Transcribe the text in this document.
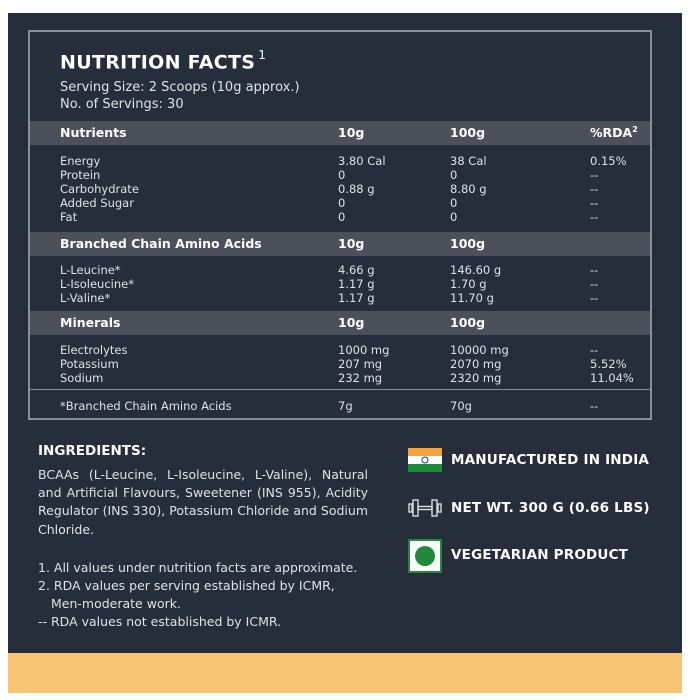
NUTRITION FACTS $^1$
Serving Size: 2 Scoops (10g approx.)
No. of Servings: 30
Nutrients	10g	100g	%RDA$^2$
Energy	3.80 Cal	38 Cal	0.15%
Protein	0	0	--
Carbohydrate	0.88 g	8.80 g	--
Added Sugar	0	0	--
Fat	0	0	--
Branched Chain Amino Acids	10g	100g
L-Leucine*	4.66 g	146.60 g	--
L-Isoleucine*	1.17 g	1.70 g	--
L-Valine*	1.17 g	11.70 g	--
Minerals	10g	100g
Electrolytes	1000 mg	10000 mg	--
Potassium	207 mg	2070 mg	5.52%
Sodium	232 mg	2320 mg	11.04%
*Branched Chain Amino Acids	7g	70g	--
INGREDIENTS:
BCAAs (L-Leucine, L-Isoleucine, L-Valine), Natural and Artificial Flavours, Sweetener (INS 955), Acidity Regulator (INS 330), Potassium Chloride and Sodium Chloride.
1. All values under nutrition facts are approximate.
2. RDA values per serving established by ICMR,
Men-moderate work.
-- RDA values not established by ICMR.
MANUFACTURED IN INDIA
NET WT. 300 G (0.66 LBS)
VEGETARIAN PRODUCT
